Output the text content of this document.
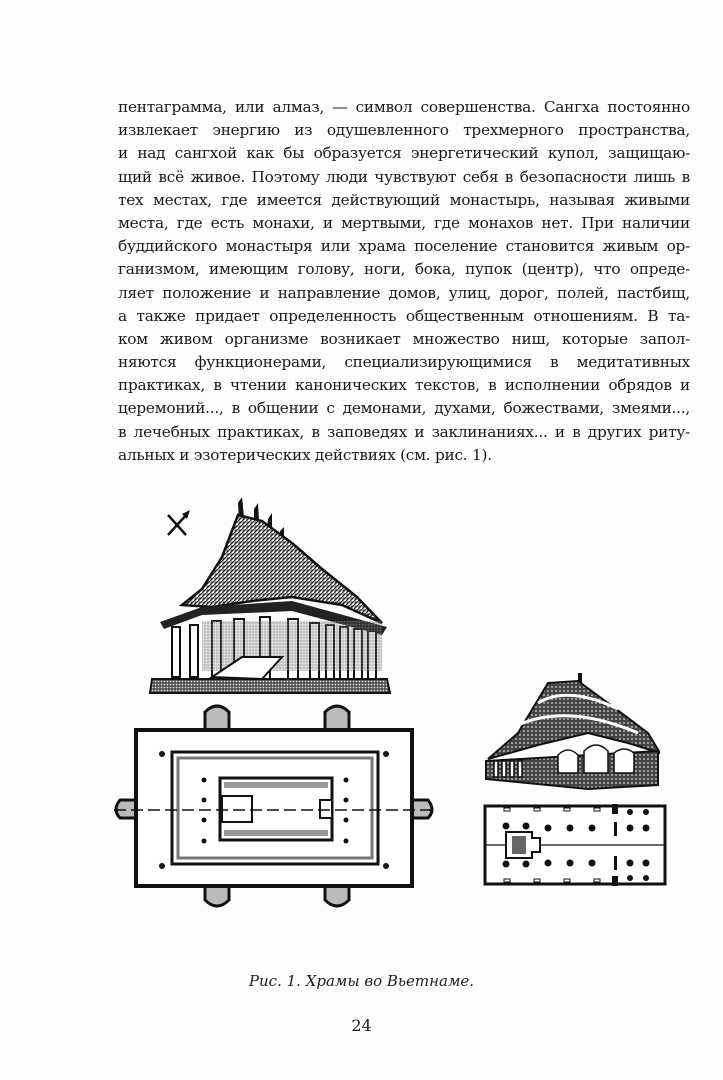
пентаграмма, или алмаз, — символ совершенства. Сангха постоянно
извлекает энергию из одушевленного трехмерного пространства,
и над сангхой как бы образуется энергетический купол, защищаю-
щий всё живое. Поэтому люди чувствуют себя в безопасности лишь в
тех местах, где имеется действующий монастырь, называя живыми
места, где есть монахи, и мертвыми, где монахов нет. При наличии
буддийского монастыря или храма поселение становится живым ор-
ганизмом, имеющим голову, ноги, бока, пупок (центр), что опреде-
ляет положение и направление домов, улиц, дорог, полей, пастбищ,
а также придает определенность общественным отношениям. В та-
ком живом организме возникает множество ниш, которые запол-
няются функционерами, специализирующимися в медитативных
практиках, в чтении канонических текстов, в исполнении обрядов и
церемоний..., в общении с демонами, духами, божествами, змеями...,
в лечебных практиках, в заповедях и заклинаниях... и в других риту-
альных и эзотерических действиях (см. рис. 1).
Рис. 1. Храмы во Вьетнаме.
24
